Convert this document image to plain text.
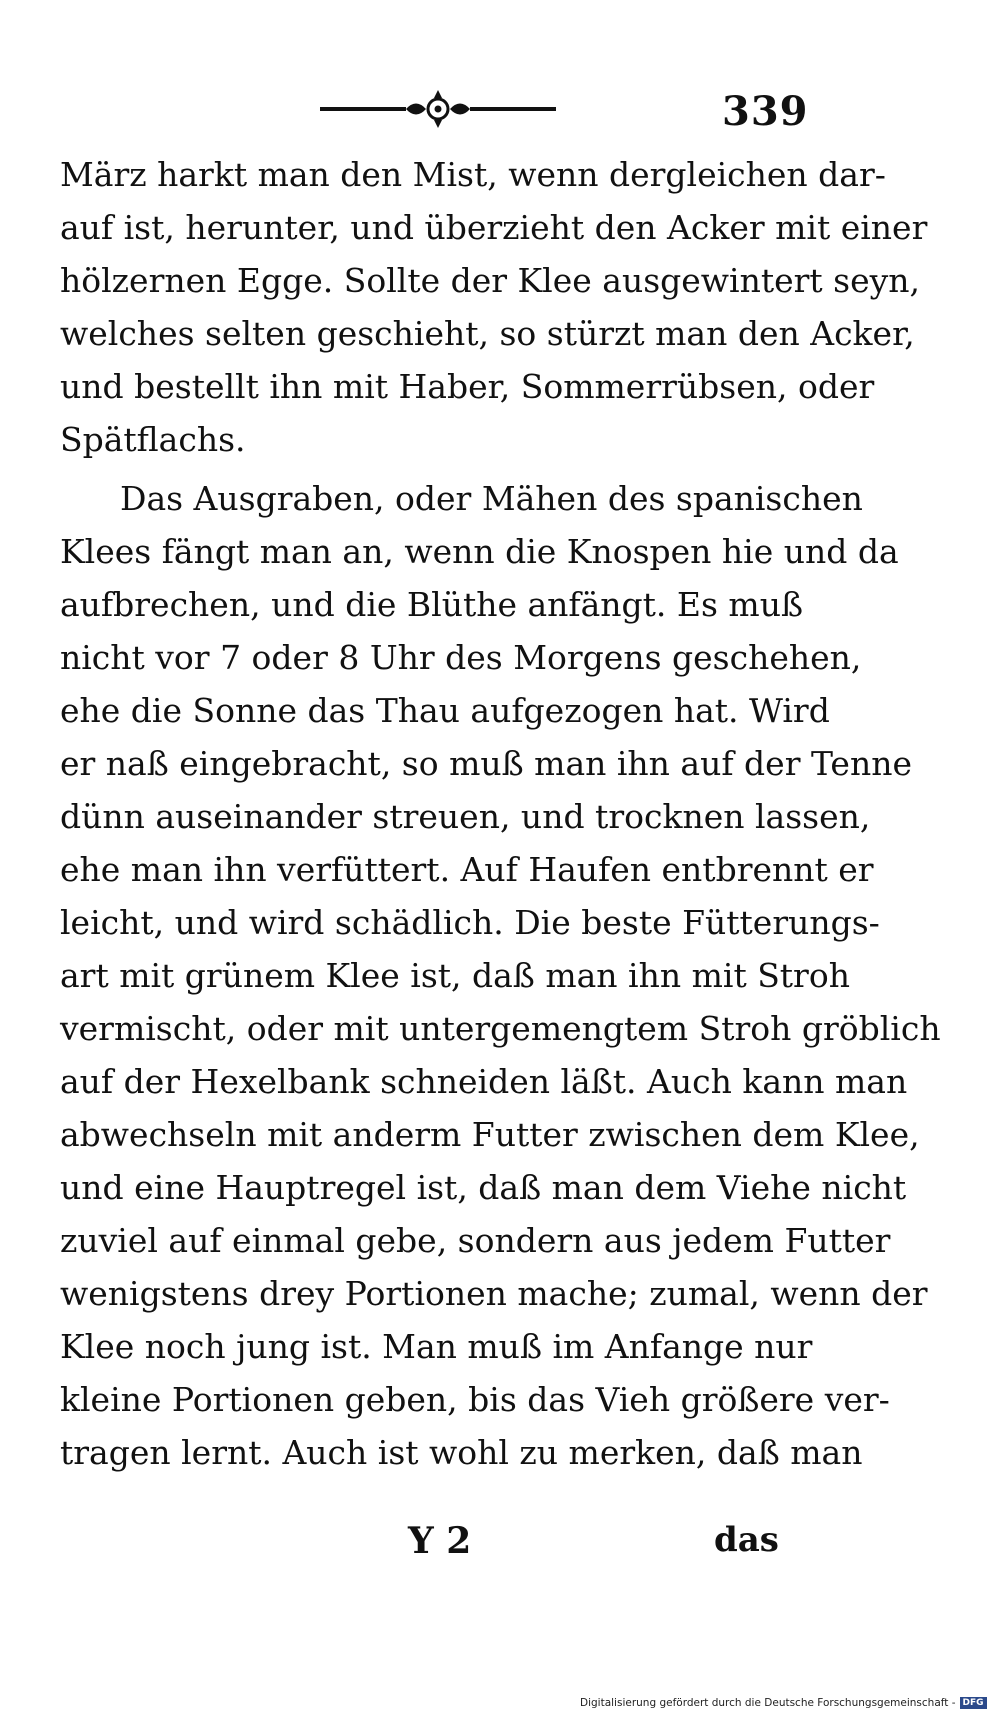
339
März harkt man den Mist, wenn dergleichen dar-
auf ist, herunter, und überzieht den Acker mit einer
hölzernen Egge. Sollte der Klee ausgewintert seyn,
welches selten geschieht, so stürzt man den Acker,
und bestellt ihn mit Haber, Sommerrübsen, oder
Spätflachs.
Das Ausgraben, oder Mähen des spanischen
Klees fängt man an, wenn die Knospen hie und da
aufbrechen, und die Blüthe anfängt. Es muß
nicht vor 7 oder 8 Uhr des Morgens geschehen,
ehe die Sonne das Thau aufgezogen hat. Wird
er naß eingebracht, so muß man ihn auf der Tenne
dünn auseinander streuen, und trocknen lassen,
ehe man ihn verfüttert. Auf Haufen entbrennt er
leicht, und wird schädlich. Die beste Fütterungs-
art mit grünem Klee ist, daß man ihn mit Stroh
vermischt, oder mit untergemengtem Stroh gröblich
auf der Hexelbank schneiden läßt. Auch kann man
abwechseln mit anderm Futter zwischen dem Klee,
und eine Hauptregel ist, daß man dem Viehe nicht
zuviel auf einmal gebe, sondern aus jedem Futter
wenigstens drey Portionen mache; zumal, wenn der
Klee noch jung ist. Man muß im Anfange nur
kleine Portionen geben, bis das Vieh größere ver-
tragen lernt. Auch ist wohl zu merken, daß man
Y 2	das
Digitalisierung gefördert durch die Deutsche Forschungsgemeinschaft - DFG
